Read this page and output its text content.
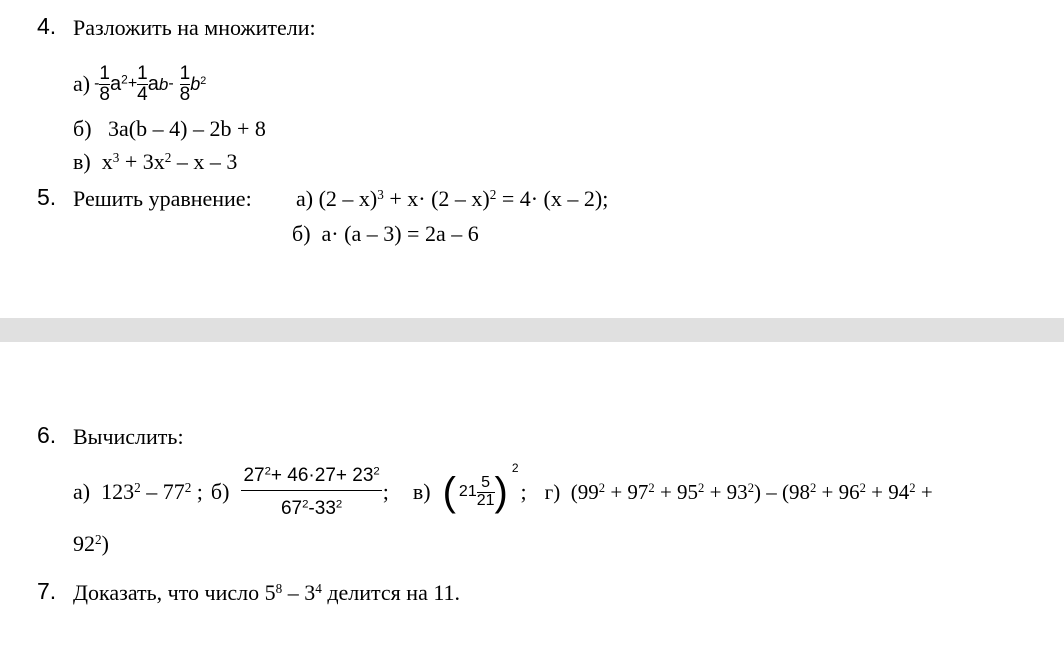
4. Разложить на множители:
$а) - \frac{1}{8} a^2 + \frac{1}{4}$ ab - $\frac{1}{8} b^2$
б) 3a(b – 4) – 2b + 8
в) $x^3 + 3x^2 - x - 3$
5. Решить уравнение: а) (2 – x)$^3$ + x· (2 – x)$^2$ = 4· (x – 2);
б) a· (a – 3) = 2a – 6
6. Вычислить:
а) $123^2 - 77^2$ ; $б) \frac{27^2+ 46\cdot 27+ 23^2}{67^2-33^2}$ ; в) ( $21 \frac{5}{21}$ )
2
; г) $(99^2 + 97^2 + 95^2 + 93^2) - (98^2 + 96^2 + 94^2$ +
$92^2$)
7. Доказать, что число $5^8 - 3^4$ делится на 11.
